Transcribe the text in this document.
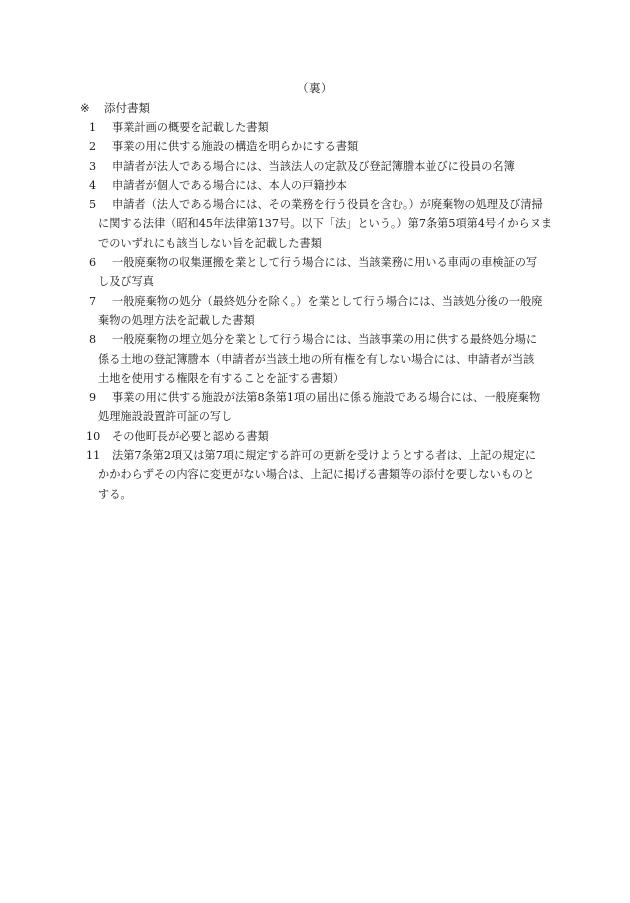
（裏）
※ 添付書類
1	事業計画の概要を記載した書類
2	事業の用に供する施設の構造を明らかにする書類
3	申請者が法人である場合には、当該法人の定款及び登記簿謄本並びに役員の名簿
4	申請者が個人である場合には、本人の戸籍抄本
5	申請者（法人である場合には、その業務を行う役員を含む。）が廃棄物の処理及び清掃
に関する法律（昭和45年法律第137号。以下「法」という。）第7条第5項第4号イからヌま
でのいずれにも該当しない旨を記載した書類
6	一般廃棄物の収集運搬を業として行う場合には、当該業務に用いる車両の車検証の写
し及び写真
7	一般廃棄物の処分（最終処分を除く。）を業として行う場合には、当該処分後の一般廃
棄物の処理方法を記載した書類
8	一般廃棄物の埋立処分を業として行う場合には、当該事業の用に供する最終処分場に
係る土地の登記簿謄本（申請者が当該土地の所有権を有しない場合には、申請者が当該
土地を使用する権限を有することを証する書類）
9	事業の用に供する施設が法第8条第1項の届出に係る施設である場合には、一般廃棄物
処理施設設置許可証の写し
10	その他町長が必要と認める書類
11	法第7条第2項又は第7項に規定する許可の更新を受けようとする者は、上記の規定に
かかわらずその内容に変更がない場合は、上記に掲げる書類等の添付を要しないものと
する。
